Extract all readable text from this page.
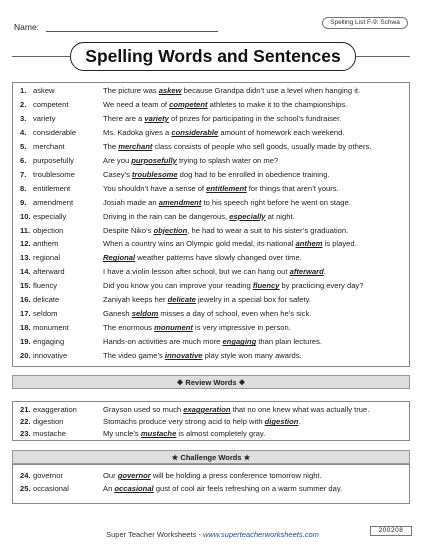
Name:	Spelling List F-9: Schwa
Spelling Words and Sentences
1. askew	The picture was askew because Grandpa didn’t use a level when hanging it.
2. competent	We need a team of competent athletes to make it to the championships.
3. variety	There are a variety of prizes for participating in the school’s fundraiser.
4. considerable	Ms. Kadoka gives a considerable amount of homework each weekend.
5. merchant	The merchant class consists of people who sell goods, usually made by others.
6. purposefully	Are you purposefully trying to splash water on me?
7. troublesome	Casey’s troublesome dog had to be enrolled in obedience training.
8. entitlement	You shouldn’t have a sense of entitlement for things that aren’t yours.
9. amendment	Josiah made an amendment to his speech right before he went on stage.
10. especially	Driving in the rain can be dangerous, especially at night.
11. objection	Despite Niko’s objection, he had to wear a suit to his sister’s graduation.
12. anthem	When a country wins an Olympic gold medal, its national anthem is played.
13. regional	Regional weather patterns have slowly changed over time.
14. afterward	I have a violin lesson after school, but we can hang out afterward.
15. fluency	Did you know you can improve your reading fluency by practicing every day?
16. delicate	Zaniyah keeps her delicate jewelry in a special box for safety.
17. seldom	Ganesh seldom misses a day of school, even when he’s sick.
18. monument	The enormous monument is very impressive in person.
19. engaging	Hands-on activities are much more engaging than plain lectures.
20. innovative	The video game’s innovative play style won many awards.
21. exaggeration	Grayson used so much exaggeration that no one knew what was actually true.
22. digestion	Stomachs produce very strong acid to help with digestion.
23. mustache	My uncle’s mustache is almost completely gray.
❖ Review Words ❖
★ Challenge Words ★
24. governor	Our governor will be holding a press conference tomorrow night.
25. occasional	An occasional gust of cool air feels refreshing on a warm summer day.
Super Teacher Worksheets - www.superteacherworksheets.com	200208
